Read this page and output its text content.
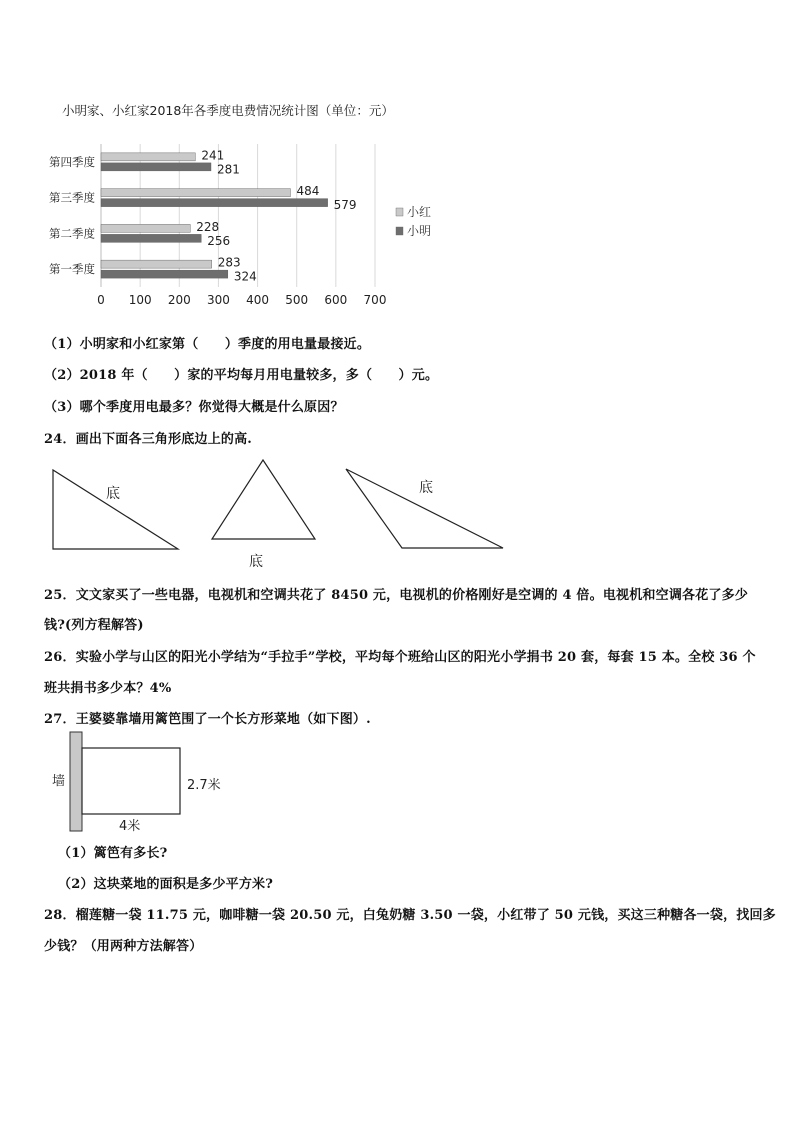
小明家、小红家2018年各季度电费情况统计图（单位：元）
0 100 200 300 400 500 600 700
第四季度	241
281
第三季度	484
579
第二季度	228
256
第一季度	283
324
小红
小明
（1）小明家和小红家第（　　）季度的用电量最接近。
（2）2018 年（　　）家的平均每月用电量较多，多（　　）元。
（3）哪个季度用电最多？你觉得大概是什么原因？
24．画出下面各三角形底边上的高.
底
底
底
25．文文家买了一些电器，电视机和空调共花了 8450 元，电视机的价格刚好是空调的 4 倍。电视机和空调各花了多少
钱?(列方程解答)
26．实验小学与山区的阳光小学结为“手拉手”学校，平均每个班给山区的阳光小学捐书 20 套，每套 15 本。全校 36 个
班共捐书多少本？4%
27．王婆婆靠墙用篱笆围了一个长方形菜地（如下图）.
墙	2.7米
4米
（1）篱笆有多长?
（2）这块菜地的面积是多少平方米?
28．榴莲糖一袋 11.75 元，咖啡糖一袋 20.50 元，白兔奶糖 3.50 一袋，小红带了 50 元钱，买这三种糖各一袋，找回多
少钱？（用两种方法解答）
